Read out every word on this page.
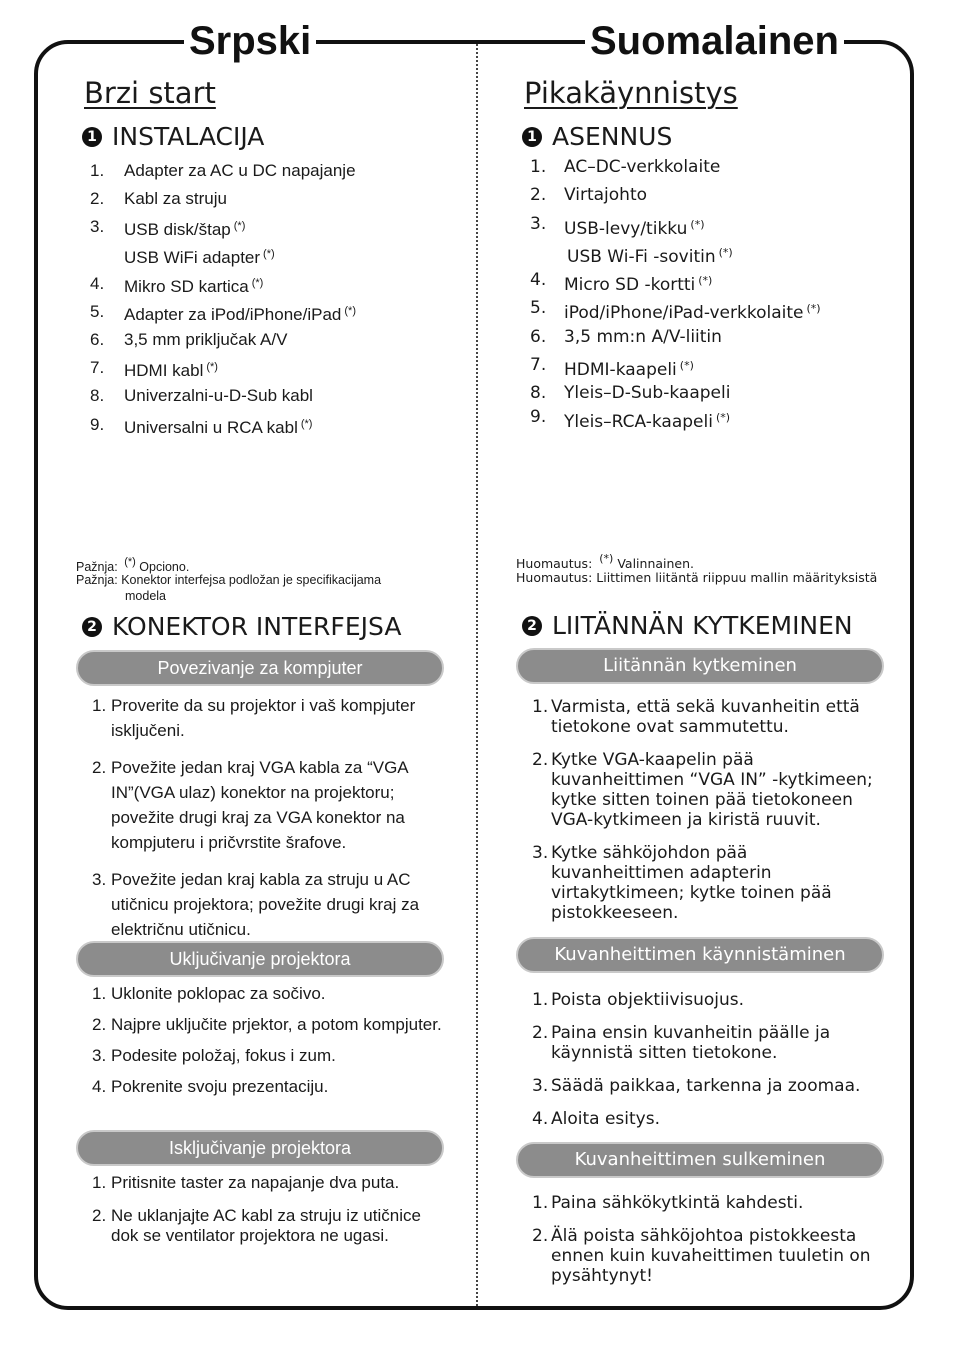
Srpski	Suomalainen
Brzi start
1 INSTALACIJA
1. Adapter za AC u DC napajanje
2. Kabl za struju
3. USB disk/štap (*)
USB WiFi adapter (*)
4. Mikro SD kartica (*)
5. Adapter za iPod/iPhone/iPad (*)
6. 3,5 mm priključak A/V
7. HDMI kabl (*)
8. Univerzalni-u-D-Sub kabl
9. Universalni u RCA kabl (*)
Pažnja: (*) Opciono.
Pažnja: Konektor interfejsa podložan je specifikacijama
modela
2 KONEKTOR INTERFEJSA
Povezivanje za kompjuter
1. Proverite da su projektor i vaš kompjuter isključeni.
2. Povežite jedan kraj VGA kabla za “VGA IN”(VGA ulaz) konektor na projektoru; povežite drugi kraj za VGA konektor na kompjuteru i pričvrstite šrafove.
3. Povežite jedan kraj kabla za struju u AC utičnicu projektora; povežite drugi kraj za električnu utičnicu.
Uključivanje projektora
1. Uklonite poklopac za sočivo.
2. Najpre uključite prjektor, a potom kompjuter.
3. Podesite položaj, fokus i zum.
4. Pokrenite svoju prezentaciju.
Isključivanje projektora
1. Pritisnite taster za napajanje dva puta.
2. Ne uklanjajte AC kabl za struju iz utičnice dok se ventilator projektora ne ugasi.
Pikakäynnistys
1 ASENNUS
1. AC–DC-verkkolaite
2. Virtajohto
3. USB-levy/tikku (*)
USB Wi-Fi -sovitin (*)
4. Micro SD -kortti (*)
5. iPod/iPhone/iPad-verkkolaite (*)
6. 3,5 mm:n A/V-liitin
7. HDMI-kaapeli (*)
8. Yleis–D-Sub-kaapeli
9. Yleis–RCA-kaapeli (*)
Huomautus: (*) Valinnainen.
Huomautus: Liittimen liitäntä riippuu mallin määrityksistä
2 LIITÄNNÄN KYTKEMINEN
Liitännän kytkeminen
1. Varmista, että sekä kuvanheitin että tietokone ovat sammutettu.
2. Kytke VGA-kaapelin pää kuvanheittimen “VGA IN” -kytkimeen; kytke sitten toinen pää tietokoneen VGA-kytkimeen ja kiristä ruuvit.
3. Kytke sähköjohdon pää kuvanheittimen adapterin virtakytkimeen; kytke toinen pää pistokkeeseen.
Kuvanheittimen käynnistäminen
1. Poista objektiivisuojus.
2. Paina ensin kuvanheitin päälle ja käynnistä sitten tietokone.
3. Säädä paikkaa, tarkenna ja zoomaa.
4. Aloita esitys.
Kuvanheittimen sulkeminen
1. Paina sähkökytkintä kahdesti.
2. Älä poista sähköjohtoa pistokkeesta ennen kuin kuvaheittimen tuuletin on pysähtynyt!
